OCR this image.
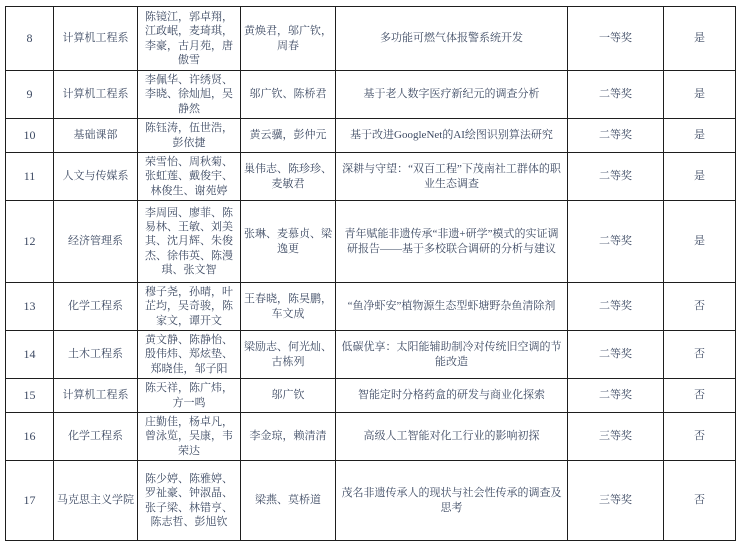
8	计算机工程系	陈镜江，郭卓翔，江政岷，麦琦琪，李豪，古月苑，唐傲雪	黄焕君，邬广钦，周春	多功能可燃气体报警系统开发	一等奖	是
9	计算机工程系	李佩华、许绣贤、李晓、徐灿旭，吴静然	邬广钦、陈桥君	基于老人数字医疗新纪元的调查分析	二等奖	是
10	基础课部	陈钰涛，伍世浩，彭依捷	黄云骥，彭仲元	基于改进GoogleNet的AI绘图识别算法研究	二等奖	是
11	人文与传媒系	荣雪怡、周秋菊、张虹莲、戴俊宇、林俊生、谢苑婷	巢伟志、陈珍珍、麦敏君	深耕与守望：“双百工程”下茂南社工群体的职业生态调查	二等奖	是
12	经济管理系	李周园、廖菲、陈易林、王敏、刘美其、沈月辉、朱俊杰、徐伟英、陈漫琪、张文智	张琳、麦慕贞、梁逸更	青年赋能非遗传承“非遗+研学”模式的实证调研报告——基于多校联合调研的分析与建议	二等奖	是
13	化学工程系	穆子尧，孙晴，叶芷均，吴奇骏，陈家文，谭开文	王春晓，陈昊鹏，车文成	“鱼净虾安”植物源生态型虾塘野杂鱼清除剂	二等奖	否
14	土木工程系	黄文静、陈静怡、殷伟炜、郑炫垫、郑晓佳，邹子阳	梁励志、何光灿、古栋列	低碳优享：太阳能辅助制冷对传统旧空调的节能改造	二等奖	否
15	计算机工程系	陈天祥，陈广炜，方一鸣	邬广钦	智能定时分格药盒的研发与商业化探索	二等奖	否
16	化学工程系	庄勤佳，杨卓凡，曾泳览，吴康，韦荣达	李金琼，赖清清	高级人工智能对化工行业的影响初探	三等奖	否
17	马克思主义学院	陈少婷、陈雅婷、罗祉豪、钟淑晶、张子梁、林错亨、陈志哲、彭旭钦	梁燕、莫桥道	茂名非遗传承人的现状与社会性传承的调查及思考	三等奖	否
